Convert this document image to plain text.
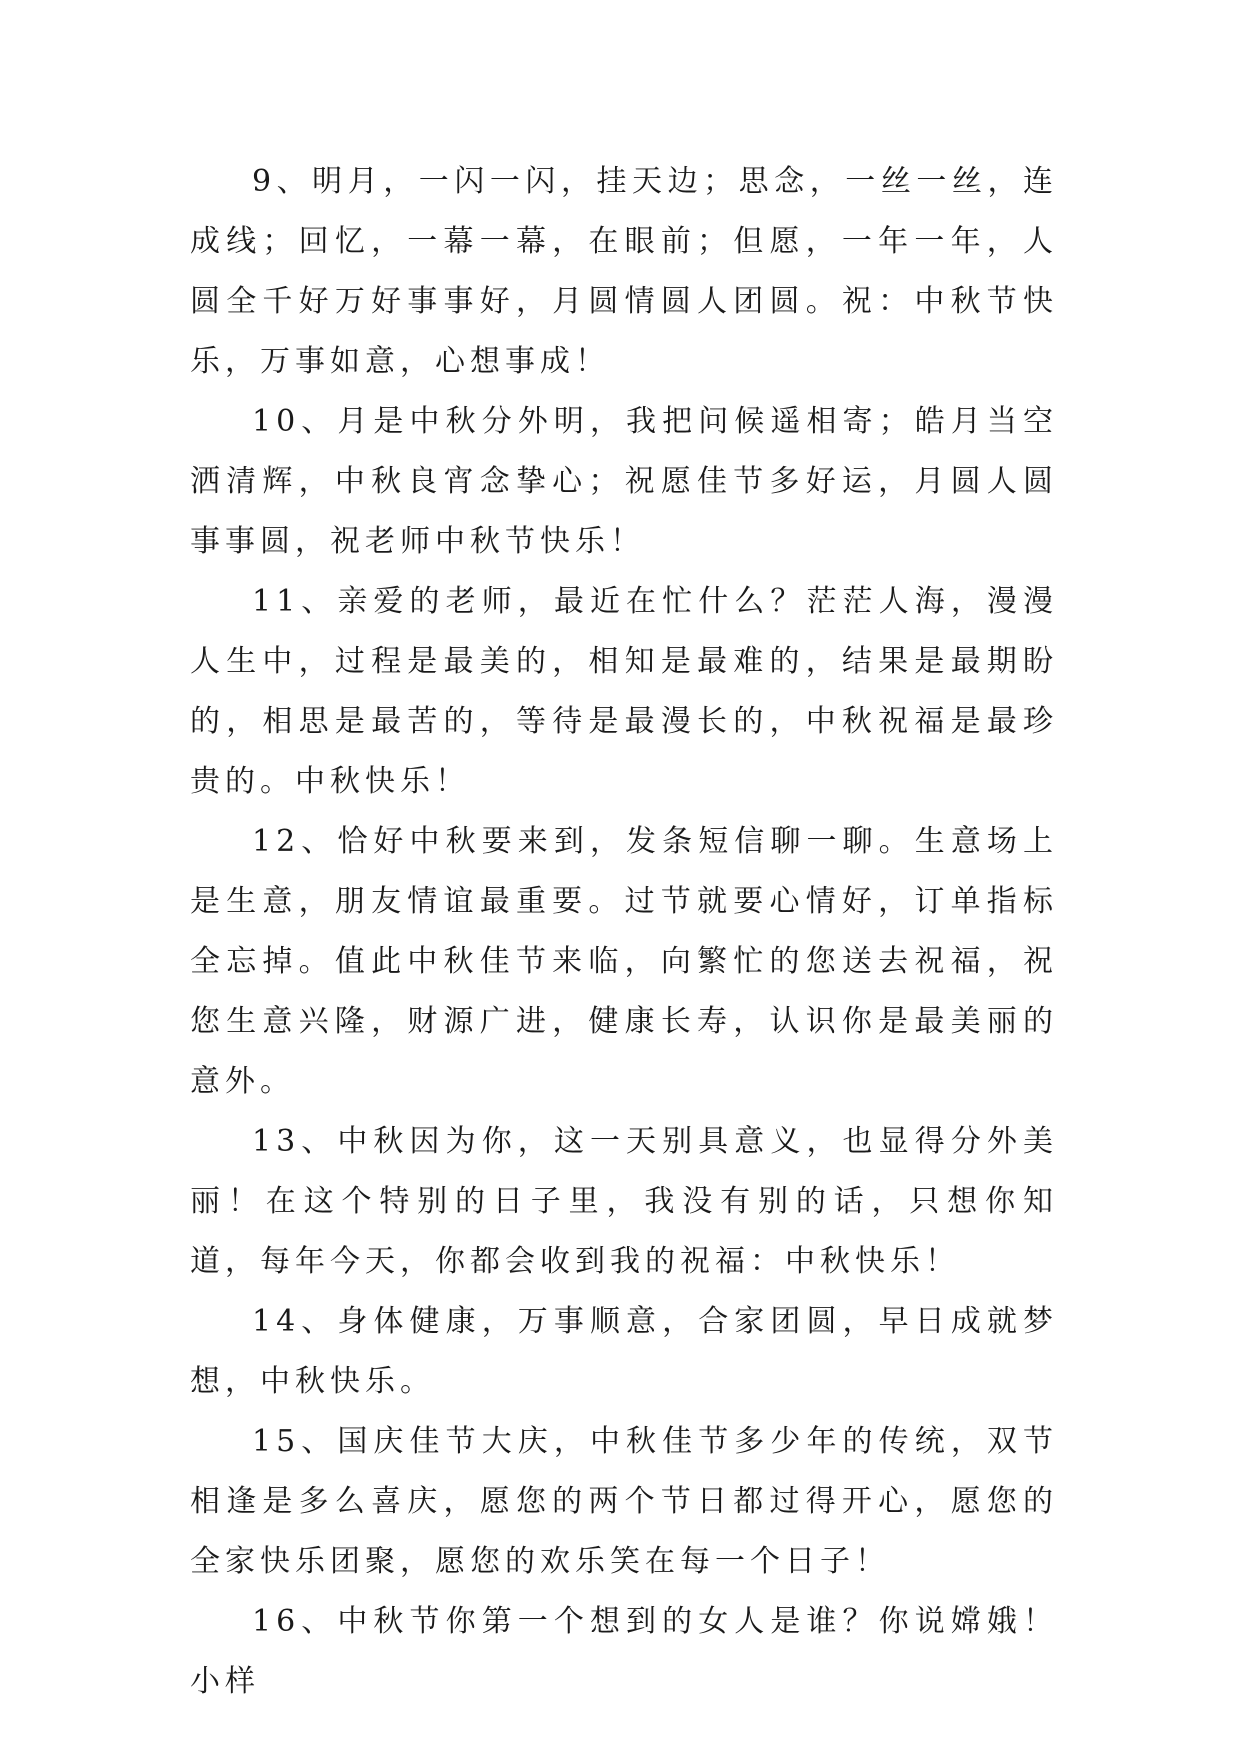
9、明月，一闪一闪，挂天边；思念，一丝一丝，连成线；回忆，一幕一幕，在眼前；但愿，一年一年，人圆全千好万好事事好，月圆情圆人团圆。祝：中秋节快乐，万事如意，心想事成！

10、月是中秋分外明，我把问候遥相寄；皓月当空洒清辉，中秋良宵念挚心；祝愿佳节多好运，月圆人圆事事圆，祝老师中秋节快乐！

11、亲爱的老师，最近在忙什么？茫茫人海，漫漫人生中，过程是最美的，相知是最难的，结果是最期盼的，相思是最苦的，等待是最漫长的，中秋祝福是最珍贵的。中秋快乐！

12、恰好中秋要来到，发条短信聊一聊。生意场上是生意，朋友情谊最重要。过节就要心情好，订单指标全忘掉。值此中秋佳节来临，向繁忙的您送去祝福，祝您生意兴隆，财源广进，健康长寿，认识你是最美丽的意外。

13、中秋因为你，这一天别具意义，也显得分外美丽！在这个特别的日子里，我没有别的话，只想你知道，每年今天，你都会收到我的祝福：中秋快乐！

14、身体健康，万事顺意，合家团圆，早日成就梦想，中秋快乐。

15、国庆佳节大庆，中秋佳节多少年的传统，双节相逢是多么喜庆，愿您的两个节日都过得开心，愿您的全家快乐团聚，愿您的欢乐笑在每一个日子！

16、中秋节你第一个想到的女人是谁？你说嫦娥！小样
